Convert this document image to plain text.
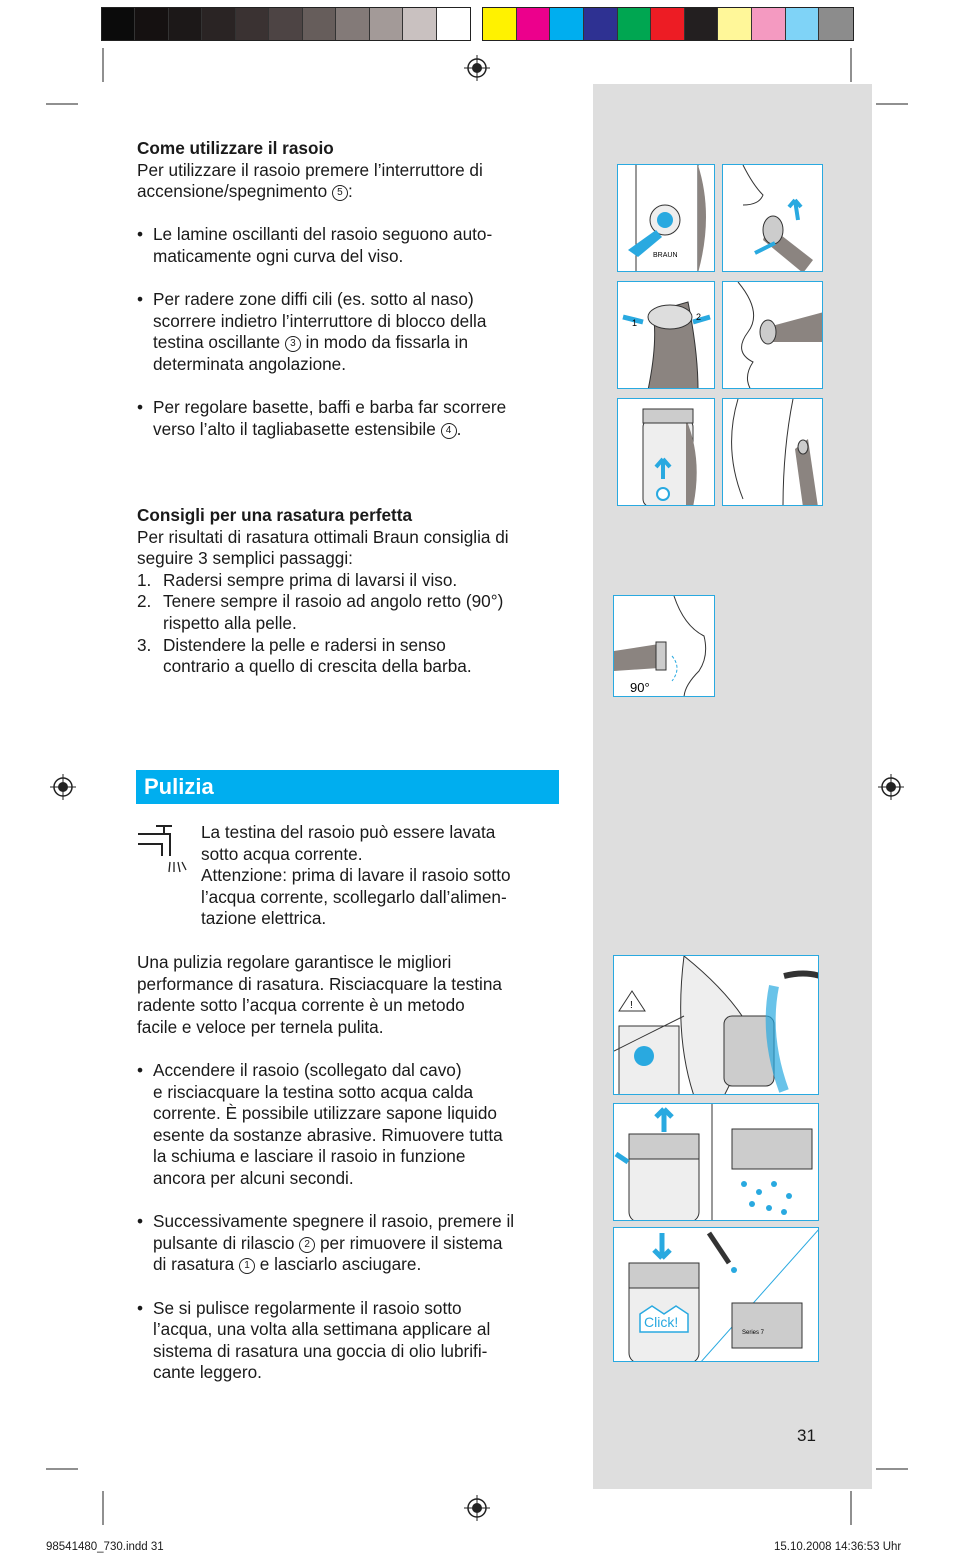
Come utilizzare il rasoio

Per utilizzare il rasoio premere l’interruttore di

accensione/spegnimento 5 :

• Le lamine oscillanti del rasoio seguono auto-

maticamente ogni curva del viso.

• Per radere zone diffi cili (es. sotto al naso)

scorrere indietro l’interruttore di blocco della

testina oscillante 3 in modo da fissarla in

determinata angolazione.

• Per regolare basette, baffi e barba far scorrere

verso l’alto il tagliabasette estensibile 4 .

Consigli per una rasatura perfetta

Per risultati di rasatura ottimali Braun consiglia di

seguire 3 semplici passaggi:

1. Radersi sempre prima di lavarsi il viso.

2. Tenere sempre il rasoio ad angolo retto (90°)

rispetto alla pelle.

3. Distendere la pelle e radersi in senso

contrario a quello di crescita della barba.

Pulizia

La testina del rasoio può essere lavata

sotto acqua corrente.

Attenzione: prima di lavare il rasoio sotto

l’acqua corrente, scollegarlo dall’alimen-

tazione elettrica.

Una pulizia regolare garantisce le migliori

performance di rasatura. Risciacquare la testina

radente sotto l’acqua corrente è un metodo

facile e veloce per ternela pulita.

• Accendere il rasoio (scollegato dal cavo)

e risciacquare la testina sotto acqua calda

corrente. È possibile utilizzare sapone liquido

esente da sostanze abrasive. Rimuovere tutta

la schiuma e lasciare il rasoio in funzione

ancora per alcuni secondi.

• Successivamente spegnere il rasoio, premere il

pulsante di rilascio 2 per rimuovere il sistema

di rasatura 1 e lasciarlo asciugare.

• Se si pulisce regolarmente il rasoio sotto

l’acqua, una volta alla settimana applicare al

sistema di rasatura una goccia di olio lubrifi-

cante leggero.

BRAUN
1
2
90°
!
Click!
Series 7
31
98541480_730.indd 31	15.10.2008 14:36:53 Uhr
